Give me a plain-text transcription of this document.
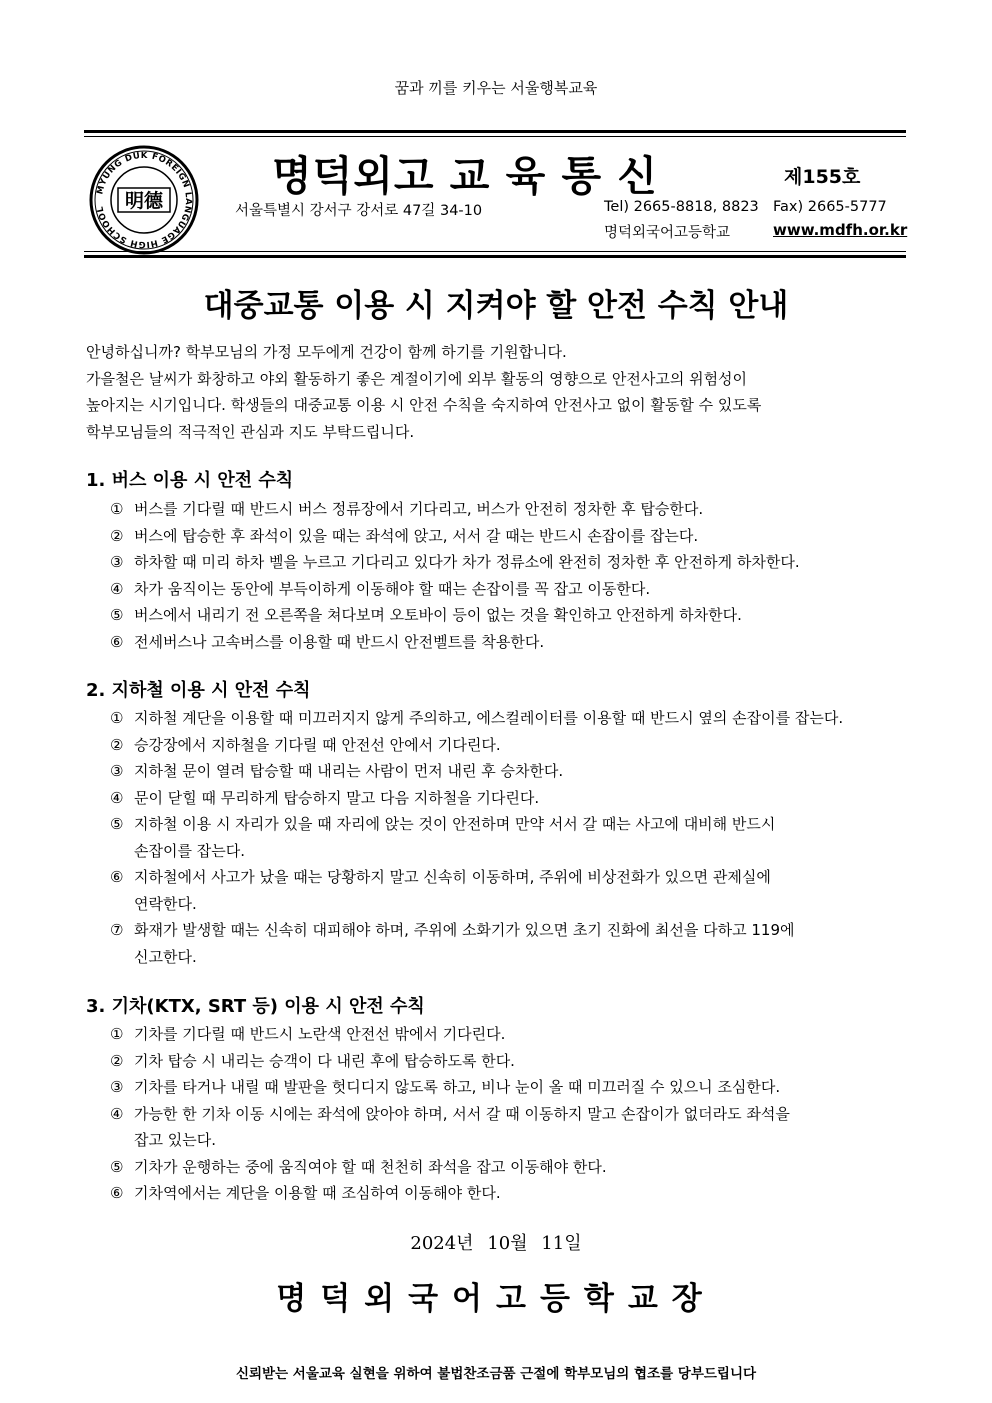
꿈과 끼를 키우는 서울행복교육
MYUNG DUK FOREIGN LANGUAGE HIGH SCHOOL 明德
명덕외고 교 육 통 신	제155호
서울특별시 강서구 강서로 47길 34-10	Tel) 2665-8818, 8823 Fax) 2665-5777
명덕외국어고등학교	www.mdfh.or.kr
대중교통 이용 시 지켜야 할 안전 수칙 안내

안녕하십니까? 학부모님의 가정 모두에게 건강이 함께 하기를 기원합니다.

가을철은 날씨가 화창하고 야외 활동하기 좋은 계절이기에 외부 활동의 영향으로 안전사고의 위험성이

높아지는 시기입니다. 학생들의 대중교통 이용 시 안전 수칙을 숙지하여 안전사고 없이 활동할 수 있도록

학부모님들의 적극적인 관심과 지도 부탁드립니다.

1. 버스 이용 시 안전 수칙
① 버스를 기다릴 때 반드시 버스 정류장에서 기다리고, 버스가 안전히 정차한 후 탑승한다.
② 버스에 탑승한 후 좌석이 있을 때는 좌석에 앉고, 서서 갈 때는 반드시 손잡이를 잡는다.
③ 하차할 때 미리 하차 벨을 누르고 기다리고 있다가 차가 정류소에 완전히 정차한 후 안전하게 하차한다.
④ 차가 움직이는 동안에 부득이하게 이동해야 할 때는 손잡이를 꼭 잡고 이동한다.
⑤ 버스에서 내리기 전 오른쪽을 쳐다보며 오토바이 등이 없는 것을 확인하고 안전하게 하차한다.
⑥ 전세버스나 고속버스를 이용할 때 반드시 안전벨트를 착용한다.
2. 지하철 이용 시 안전 수칙
① 지하철 계단을 이용할 때 미끄러지지 않게 주의하고, 에스컬레이터를 이용할 때 반드시 옆의 손잡이를 잡는다.
② 승강장에서 지하철을 기다릴 때 안전선 안에서 기다린다.
③ 지하철 문이 열려 탑승할 때 내리는 사람이 먼저 내린 후 승차한다.
④ 문이 닫힐 때 무리하게 탑승하지 말고 다음 지하철을 기다린다.
⑤ 지하철 이용 시 자리가 있을 때 자리에 앉는 것이 안전하며 만약 서서 갈 때는 사고에 대비해 반드시
손잡이를 잡는다.
⑥ 지하철에서 사고가 났을 때는 당황하지 말고 신속히 이동하며, 주위에 비상전화가 있으면 관제실에
연락한다.
⑦ 화재가 발생할 때는 신속히 대피해야 하며, 주위에 소화기가 있으면 초기 진화에 최선을 다하고 119에
신고한다.
3. 기차(KTX, SRT 등) 이용 시 안전 수칙
① 기차를 기다릴 때 반드시 노란색 안전선 밖에서 기다린다.
② 기차 탑승 시 내리는 승객이 다 내린 후에 탑승하도록 한다.
③ 기차를 타거나 내릴 때 발판을 헛디디지 않도록 하고, 비나 눈이 올 때 미끄러질 수 있으니 조심한다.
④ 가능한 한 기차 이동 시에는 좌석에 앉아야 하며, 서서 갈 때 이동하지 말고 손잡이가 없더라도 좌석을
잡고 있는다.
⑤ 기차가 운행하는 중에 움직여야 할 때 천천히 좌석을 잡고 이동해야 한다.
⑥ 기차역에서는 계단을 이용할 때 조심하여 이동해야 한다.
2024년 10월 11일
명덕외국어고등학교장
신뢰받는 서울교육 실현을 위하여 불법찬조금품 근절에 학부모님의 협조를 당부드립니다
